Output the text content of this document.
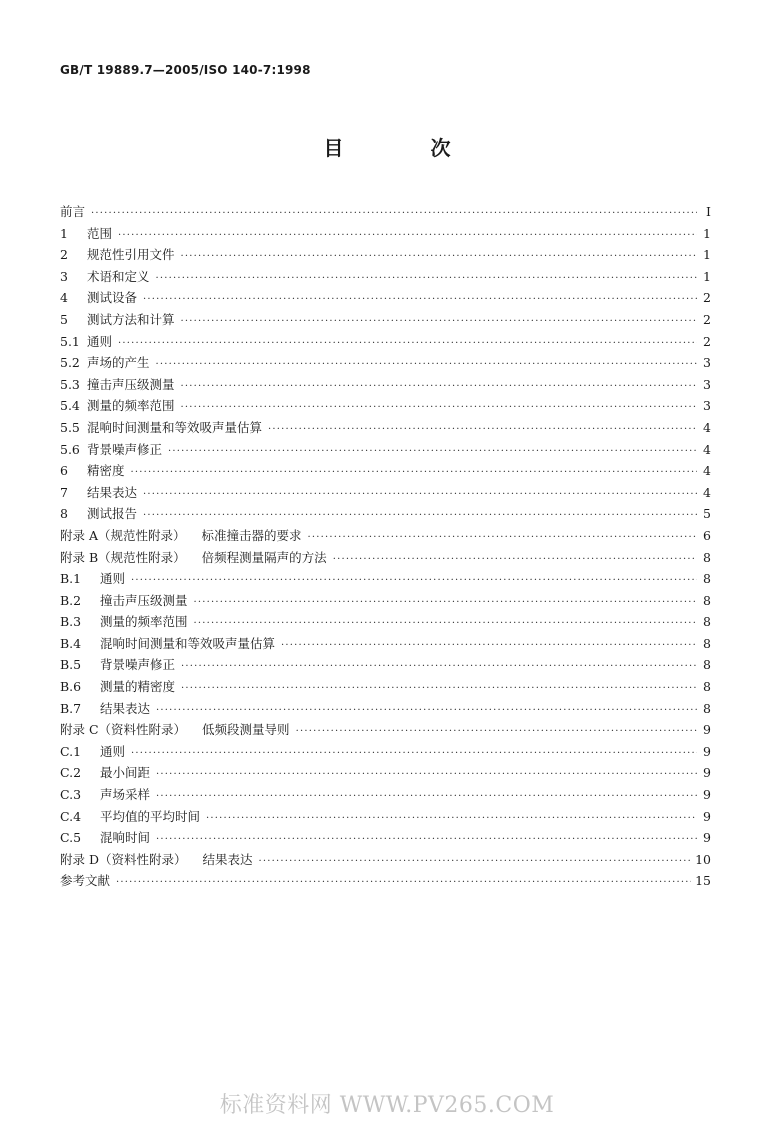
GB/T 19889.7—2005/ISO 140-7:1998
目 次
前言 ·····	I
1	范围 ·····	1
2	规范性引用文件 ·····	1
3	术语和定义 ·····	1
4	测试设备 ·····	2
5	测试方法和计算 ·····	2
5.1 通则 ·····	2
5.2 声场的产生 ·····	3
5.3 撞击声压级测量 ·····	3
5.4 测量的频率范围 ·····	3
5.5 混响时间测量和等效吸声量估算 ·····	4
5.6 背景噪声修正 ·····	4
6	精密度 ·····	4
7	结果表达 ·····	4
8	测试报告 ·····	5
附录 A（规范性附录） 标准撞击器的要求 ·····	6
附录 B（规范性附录） 倍频程测量隔声的方法 ·····	8
B.1	通则 ·····	8
B.2	撞击声压级测量 ·····	8
B.3	测量的频率范围 ·····	8
B.4	混响时间测量和等效吸声量估算 ·····	8
B.5	背景噪声修正 ·····	8
B.6	测量的精密度 ·····	8
B.7	结果表达 ·····	8
附录 C（资料性附录） 低频段测量导则 ·····	9
C.1	通则 ·····	9
C.2	最小间距 ·····	9
C.3	声场采样 ·····	9
C.4	平均值的平均时间 ·····	9
C.5	混响时间 ·····	9
附录 D（资料性附录） 结果表达 ·····	10
参考文献 ·····	15
标准资料网 WWW.PV265.COM
